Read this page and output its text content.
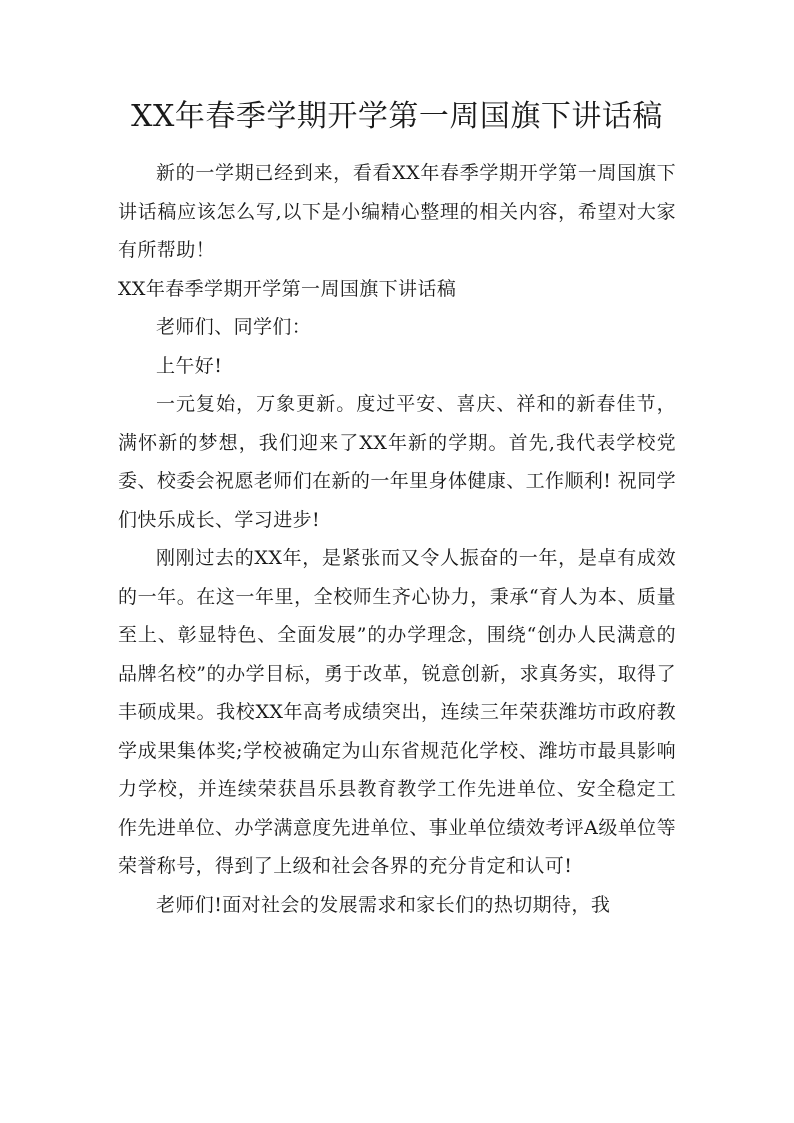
XX年春季学期开学第一周国旗下讲话稿

新的一学期已经到来，看看XX年春季学期开学第一周国旗下讲话稿应该怎么写,以下是小编精心整理的相关内容，希望对大家有所帮助！

XX年春季学期开学第一周国旗下讲话稿

老师们、同学们：

上午好!

一元复始，万象更新。度过平安、喜庆、祥和的新春佳节，满怀新的梦想，我们迎来了XX年新的学期。首先,我代表学校党委、校委会祝愿老师们在新的一年里身体健康、工作顺利! 祝同学们快乐成长、学习进步!

刚刚过去的XX年，是紧张而又令人振奋的一年，是卓有成效的一年。在这一年里，全校师生齐心协力，秉承“育人为本、质量至上、彰显特色、全面发展”的办学理念，围绕“创办人民满意的品牌名校”的办学目标，勇于改革，锐意创新，求真务实，取得了丰硕成果。我校XX年高考成绩突出，连续三年荣获潍坊市政府教学成果集体奖;学校被确定为山东省规范化学校、潍坊市最具影响力学校，并连续荣获昌乐县教育教学工作先进单位、安全稳定工作先进单位、办学满意度先进单位、事业单位绩效考评A级单位等荣誉称号，得到了上级和社会各界的充分肯定和认可!

老师们!面对社会的发展需求和家长们的热切期待，我
